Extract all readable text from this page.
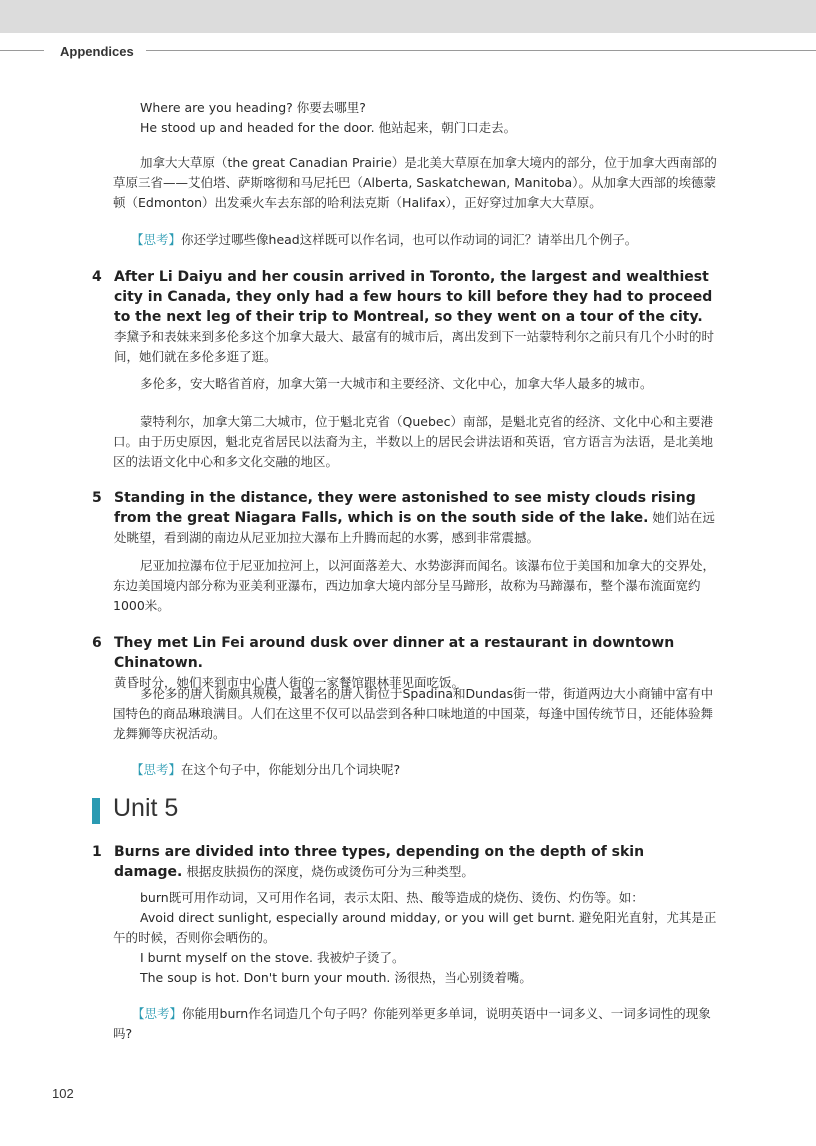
Appendices
Where are you heading? 你要去哪里?
He stood up and headed for the door. 他站起来，朝门口走去。
加拿大大草原（the great Canadian Prairie）是北美大草原在加拿大境内的部分，位于加拿大西南部的草原三省——艾伯塔、萨斯喀彻和马尼托巴（Alberta, Saskatchewan, Manitoba）。从加拿大西部的埃德蒙顿（Edmonton）出发乘火车去东部的哈利法克斯（Halifax），正好穿过加拿大大草原。
【思考】你还学过哪些像head这样既可以作名词，也可以作动词的词汇？请举出几个例子。
4 After Li Daiyu and her cousin arrived in Toronto, the largest and wealthiest city in Canada, they only had a few hours to kill before they had to proceed to the next leg of their trip to Montreal, so they went on a tour of the city. 李黛予和表妹来到多伦多这个加拿大最大、最富有的城市后，离出发到下一站蒙特利尔之前只有几个小时的时间，她们就在多伦多逛了逛。
多伦多，安大略省首府，加拿大第一大城市和主要经济、文化中心，加拿大华人最多的城市。
蒙特利尔，加拿大第二大城市，位于魁北克省（Quebec）南部，是魁北克省的经济、文化中心和主要港口。由于历史原因，魁北克省居民以法裔为主，半数以上的居民会讲法语和英语，官方语言为法语，是北美地区的法语文化中心和多文化交融的地区。
5 Standing in the distance, they were astonished to see misty clouds rising from the great Niagara Falls, which is on the south side of the lake. 她们站在远处眺望，看到湖的南边从尼亚加拉大瀑布上升腾而起的水雾，感到非常震撼。
尼亚加拉瀑布位于尼亚加拉河上，以河面落差大、水势澎湃而闻名。该瀑布位于美国和加拿大的交界处，东边美国境内部分称为亚美利亚瀑布，西边加拿大境内部分呈马蹄形，故称为马蹄瀑布，整个瀑布流面宽约1000米。
6 They met Lin Fei around dusk over dinner at a restaurant in downtown Chinatown.
黄昏时分，她们来到市中心唐人街的一家餐馆跟林菲见面吃饭。
多伦多的唐人街颇具规模，最著名的唐人街位于Spadina和Dundas街一带，街道两边大小商铺中富有中国特色的商品琳琅满目。人们在这里不仅可以品尝到各种口味地道的中国菜，每逢中国传统节日，还能体验舞龙舞狮等庆祝活动。
【思考】在这个句子中，你能划分出几个词块呢?
Unit 5
1 Burns are divided into three types, depending on the depth of skin damage. 根据皮肤损伤的深度，烧伤或烫伤可分为三种类型。
burn既可用作动词，又可用作名词，表示太阳、热、酸等造成的烧伤、烫伤、灼伤等。如：
Avoid direct sunlight, especially around midday, or you will get burnt. 避免阳光直射，尤其是正午的时候，否则你会晒伤的。
I burnt myself on the stove. 我被炉子烫了。
The soup is hot. Don't burn your mouth. 汤很热，当心别烫着嘴。
【思考】你能用burn作名词造几个句子吗？你能列举更多单词，说明英语中一词多义、一词多词性的现象吗?
102
